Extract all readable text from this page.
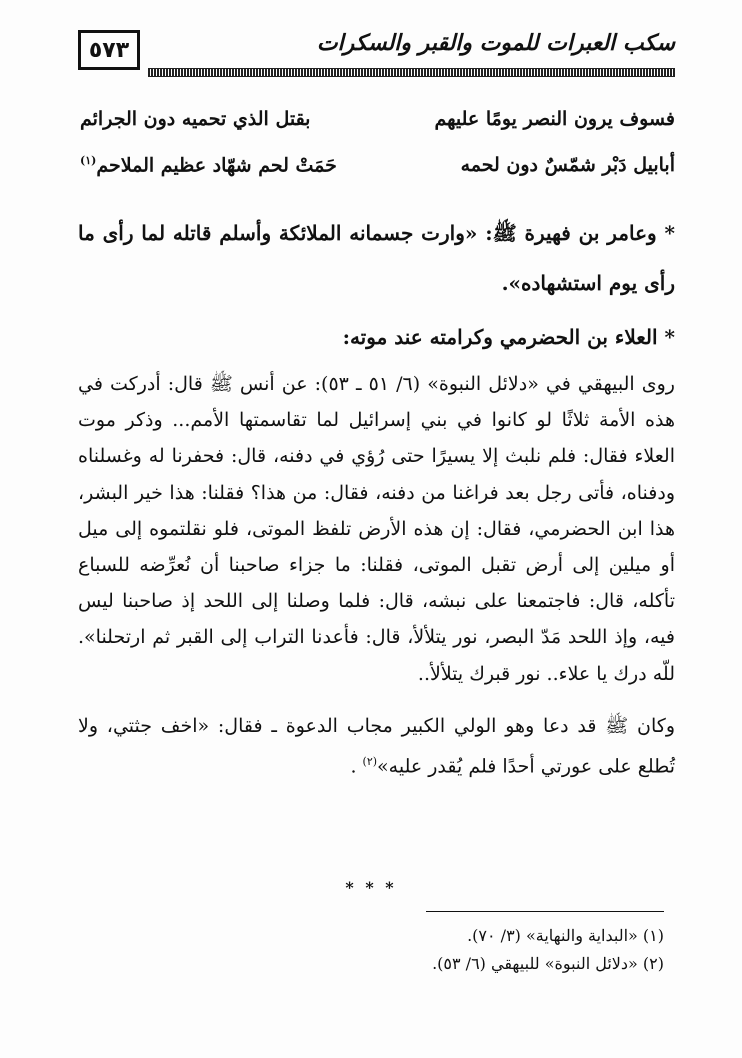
٥٧٣	سكب العبرات للموت والقبر والسكرات
فسوف يرون النصر يومًا عليهم
بقتل الذي تحميه دون الجرائم
أبابيل دَبْر شمّسٌ دون لحمه
حَمَتْ لحم شهّاد عظيم الملاحم$^{(١)}$

* وعامر بن فهيرة ﷺ: «وارت جسمانه الملائكة وأسلم قاتله لما رأى ما رأى يوم استشهاده».

* العلاء بن الحضرمي وكرامته عند موته:

روى البيهقي في «دلائل النبوة» (٦/ ٥١ ـ ٥٣): عن أنس ﷺ قال: أدركت في هذه الأمة ثلاثًا لو كانوا في بني إسرائيل لما تقاسمتها الأمم... وذكر موت العلاء فقال: فلم نلبث إلا يسيرًا حتى رُؤي في دفنه، قال: فحفرنا له وغسلناه ودفناه، فأتى رجل بعد فراغنا من دفنه، فقال: من هذا؟ فقلنا: هذا خير البشر، هذا ابن الحضرمي، فقال: إن هذه الأرض تلفظ الموتى، فلو نقلتموه إلى ميل أو ميلين إلى أرض تقبل الموتى، فقلنا: ما جزاء صاحبنا أن نُعرِّضه للسباع تأكله، قال: فاجتمعنا على نبشه، قال: فلما وصلنا إلى اللحد إذ صاحبنا ليس فيه، وإذ اللحد مَدّ البصر، نور يتلألأ، قال: فأعدنا التراب إلى القبر ثم ارتحلنا». للّه درك يا علاء.. نور قبرك يتلألأ..

وكان ﷺ قد دعا وهو الولي الكبير مجاب الدعوة ـ فقال: «اخف جثتي، ولا تُطلع على عورتي أحدًا فلم يُقدر عليه»$^{(٢)}$ .

* * *
(١) «البداية والنهاية» (٣/ ٧٠).
(٢) «دلائل النبوة» للبيهقي (٦/ ٥٣).
